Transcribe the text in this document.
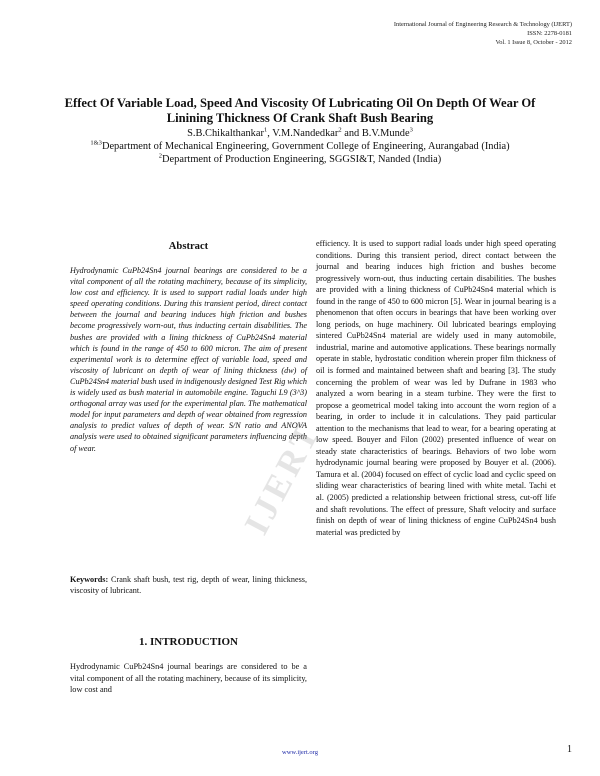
International Journal of Engineering Research & Technology (IJERT)
ISSN: 2278-0181
Vol. 1 Issue 8, October - 2012
Effect Of Variable Load, Speed And Viscosity Of Lubricating Oil On Depth Of Wear Of Linining Thickness Of Crank Shaft Bush Bearing
S.B.Chikalthankar$^1$, V.M.Nandedkar$^2$ and B.V.Munde$^3$
$^{1\&3}$Department of Mechanical Engineering, Government College of Engineering, Aurangabad (India)
$^2$Department of Production Engineering, SGGSI&T, Nanded (India)
Abstract
Hydrodynamic CuPb24Sn4 journal bearings are considered to be a vital component of all the rotating machinery, because of its simplicity, low cost and efficiency. It is used to support radial loads under high speed operating conditions. During this transient period, direct contact between the journal and bearing induces high friction and bushes become progressively worn-out, thus inducting certain disabilities. The bushes are provided with a lining thickness of CuPb24Sn4 material which is found in the range of 450 to 600 micron. The aim of present experimental work is to determine effect of variable load, speed and viscosity of lubricant on depth of wear of lining thickness (dw) of CuPb24Sn4 material bush used in indigenously designed Test Rig which is widely used as bush material in automobile engine. Taguchi L9 (3^3) orthogonal array was used for the experimental plan. The mathematical model for input parameters and depth of wear obtained from regression analysis to predict values of depth of wear. S/N ratio and ANOVA analysis were used to obtained significant parameters influencing depth of wear.
Keywords: Crank shaft bush, test rig, depth of wear, lining thickness, viscosity of lubricant.
1. INTRODUCTION
Hydrodynamic CuPb24Sn4 journal bearings are considered to be a vital component of all the rotating machinery, because of its simplicity, low cost and
efficiency. It is used to support radial loads under high speed operating conditions. During this transient period, direct contact between the journal and bearing induces high friction and bushes become progressively worn-out, thus inducting certain disabilities. The bushes are provided with a lining thickness of CuPb24Sn4 material which is found in the range of 450 to 600 micron [5]. Wear in journal bearing is a phenomenon that often occurs in bearings that have been working over long periods, on huge machinery. Oil lubricated bearings employing sintered CuPb24Sn4 material are widely used in many automobile, industrial, marine and automotive applications. These bearings normally operate in stable, hydrostatic condition wherein proper film thickness of oil is formed and maintained between shaft and bearing [3]. The study concerning the problem of wear was led by Dufrane in 1983 who analyzed a worn bearing in a steam turbine. They were the first to propose a geometrical model taking into account the worn region of a bearing, in order to include it in calculations. They paid particular attention to the mechanisms that lead to wear, for a bearing operating at low speed. Bouyer and Filon (2002) presented influence of wear on steady state characteristics of bearings. Behaviors of two lobe worn hydrodynamic journal bearing were proposed by Bouyer et al. (2006). Tamura et al. (2004) focused on effect of cyclic load and cyclic speed on sliding wear characteristics of bearing lined with white metal. Tachi et al. (2005) predicted a relationship between frictional stress, cut-off life and shaft revolutions. The effect of pressure, Shaft velocity and surface finish on depth of wear of lining thickness of engine CuPb24Sn4 bush material was predicted by
IJERT
www.ijert.org	1
